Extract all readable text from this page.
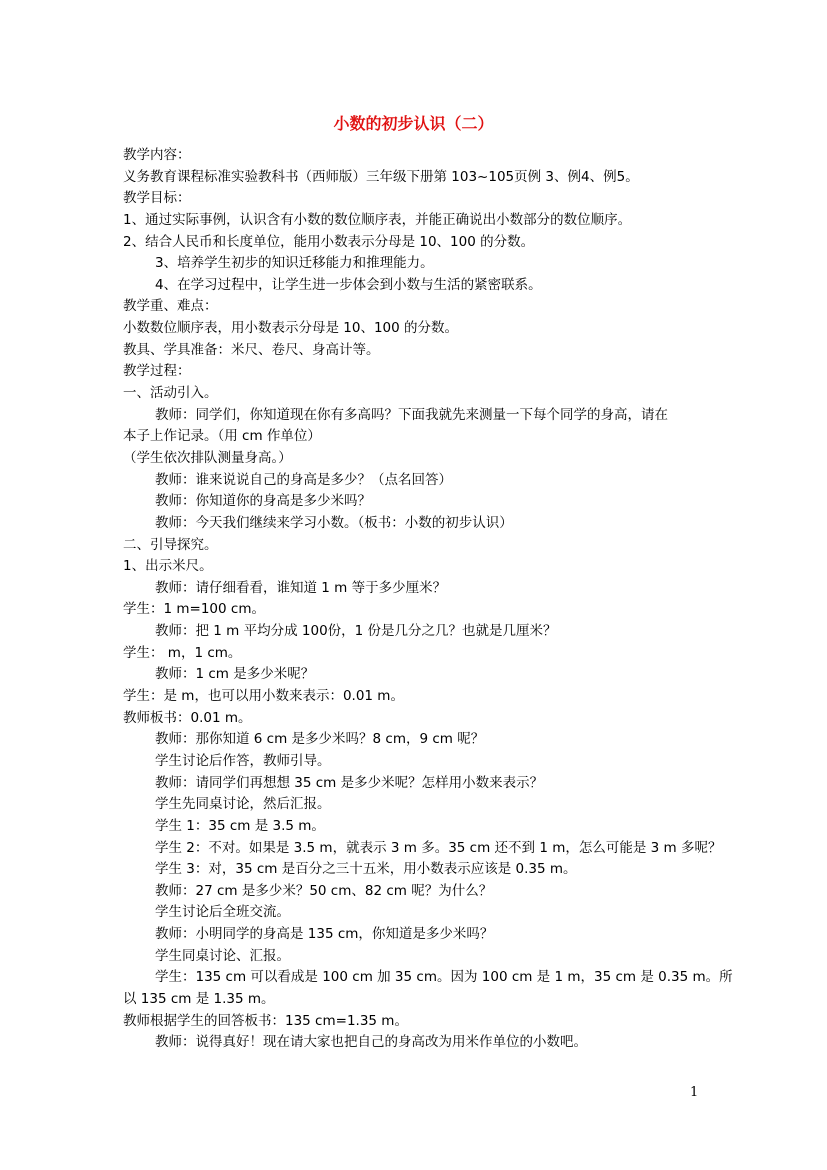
小数的初步认识（二）
教学内容：
义务教育课程标准实验教科书（西师版）三年级下册第 103~105页例 3、例4、例5。
教学目标：
1、通过实际事例，认识含有小数的数位顺序表，并能正确说出小数部分的数位顺序。
2、结合人民币和长度单位，能用小数表示分母是 10、100 的分数。
3、培养学生初步的知识迁移能力和推理能力。
4、在学习过程中，让学生进一步体会到小数与生活的紧密联系。
教学重、难点：
小数数位顺序表，用小数表示分母是 10、100 的分数。
教具、学具准备：米尺、卷尺、身高计等。
教学过程：
一、活动引入。
教师：同学们，你知道现在你有多高吗？下面我就先来测量一下每个同学的身高，请在
本子上作记录。（用 cm 作单位）
（学生依次排队测量身高。）
教师：谁来说说自己的身高是多少？（点名回答）
教师：你知道你的身高是多少米吗？
教师：今天我们继续来学习小数。（板书：小数的初步认识）
二、引导探究。
1、出示米尺。
教师：请仔细看看，谁知道 1 m 等于多少厘米？
学生：1 m=100 cm。
教师：把 1 m 平均分成 100份，1 份是几分之几？也就是几厘米？
学生： m，1 cm。
教师：1 cm 是多少米呢？
学生：是 m，也可以用小数来表示：0.01 m。
教师板书：0.01 m。
教师：那你知道 6 cm 是多少米吗？8 cm，9 cm 呢？
学生讨论后作答，教师引导。
教师：请同学们再想想 35 cm 是多少米呢？怎样用小数来表示？
学生先同桌讨论，然后汇报。
学生 1：35 cm 是 3.5 m。
学生 2：不对。如果是 3.5 m，就表示 3 m 多。35 cm 还不到 1 m，怎么可能是 3 m 多呢？
学生 3：对，35 cm 是百分之三十五米，用小数表示应该是 0.35 m。
教师：27 cm 是多少米？50 cm、82 cm 呢？为什么？
学生讨论后全班交流。
教师：小明同学的身高是 135 cm，你知道是多少米吗？
学生同桌讨论、汇报。
学生：135 cm 可以看成是 100 cm 加 35 cm。因为 100 cm 是 1 m，35 cm 是 0.35 m。所
以 135 cm 是 1.35 m。
教师根据学生的回答板书：135 cm=1.35 m。
教师：说得真好！现在请大家也把自己的身高改为用米作单位的小数吧。
1
